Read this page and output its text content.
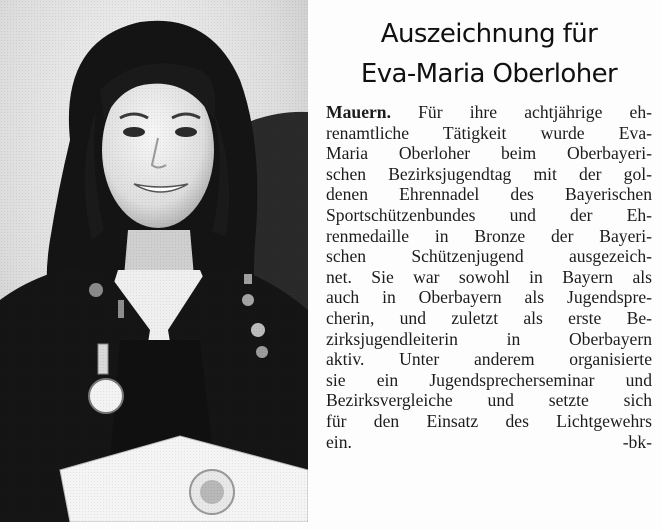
Auszeichnung für
Eva-Maria Oberloher
Mauern. Für ihre achtjährige eh-
renamtliche Tätigkeit wurde Eva-
Maria Oberloher beim Oberbayeri-
schen Bezirksjugendtag mit der gol-
denen Ehrennadel des Bayerischen
Sportschützenbundes und der Eh-
renmedaille in Bronze der Bayeri-
schen Schützenjugend ausgezeich-
net. Sie war sowohl in Bayern als
auch in Oberbayern als Jugendspre-
cherin, und zuletzt als erste Be-
zirksjugendleiterin in Oberbayern
aktiv. Unter anderem organisierte
sie ein Jugendsprecherseminar und
Bezirksvergleiche und setzte sich
für den Einsatz des Lichtgewehrs
ein.	-bk-
